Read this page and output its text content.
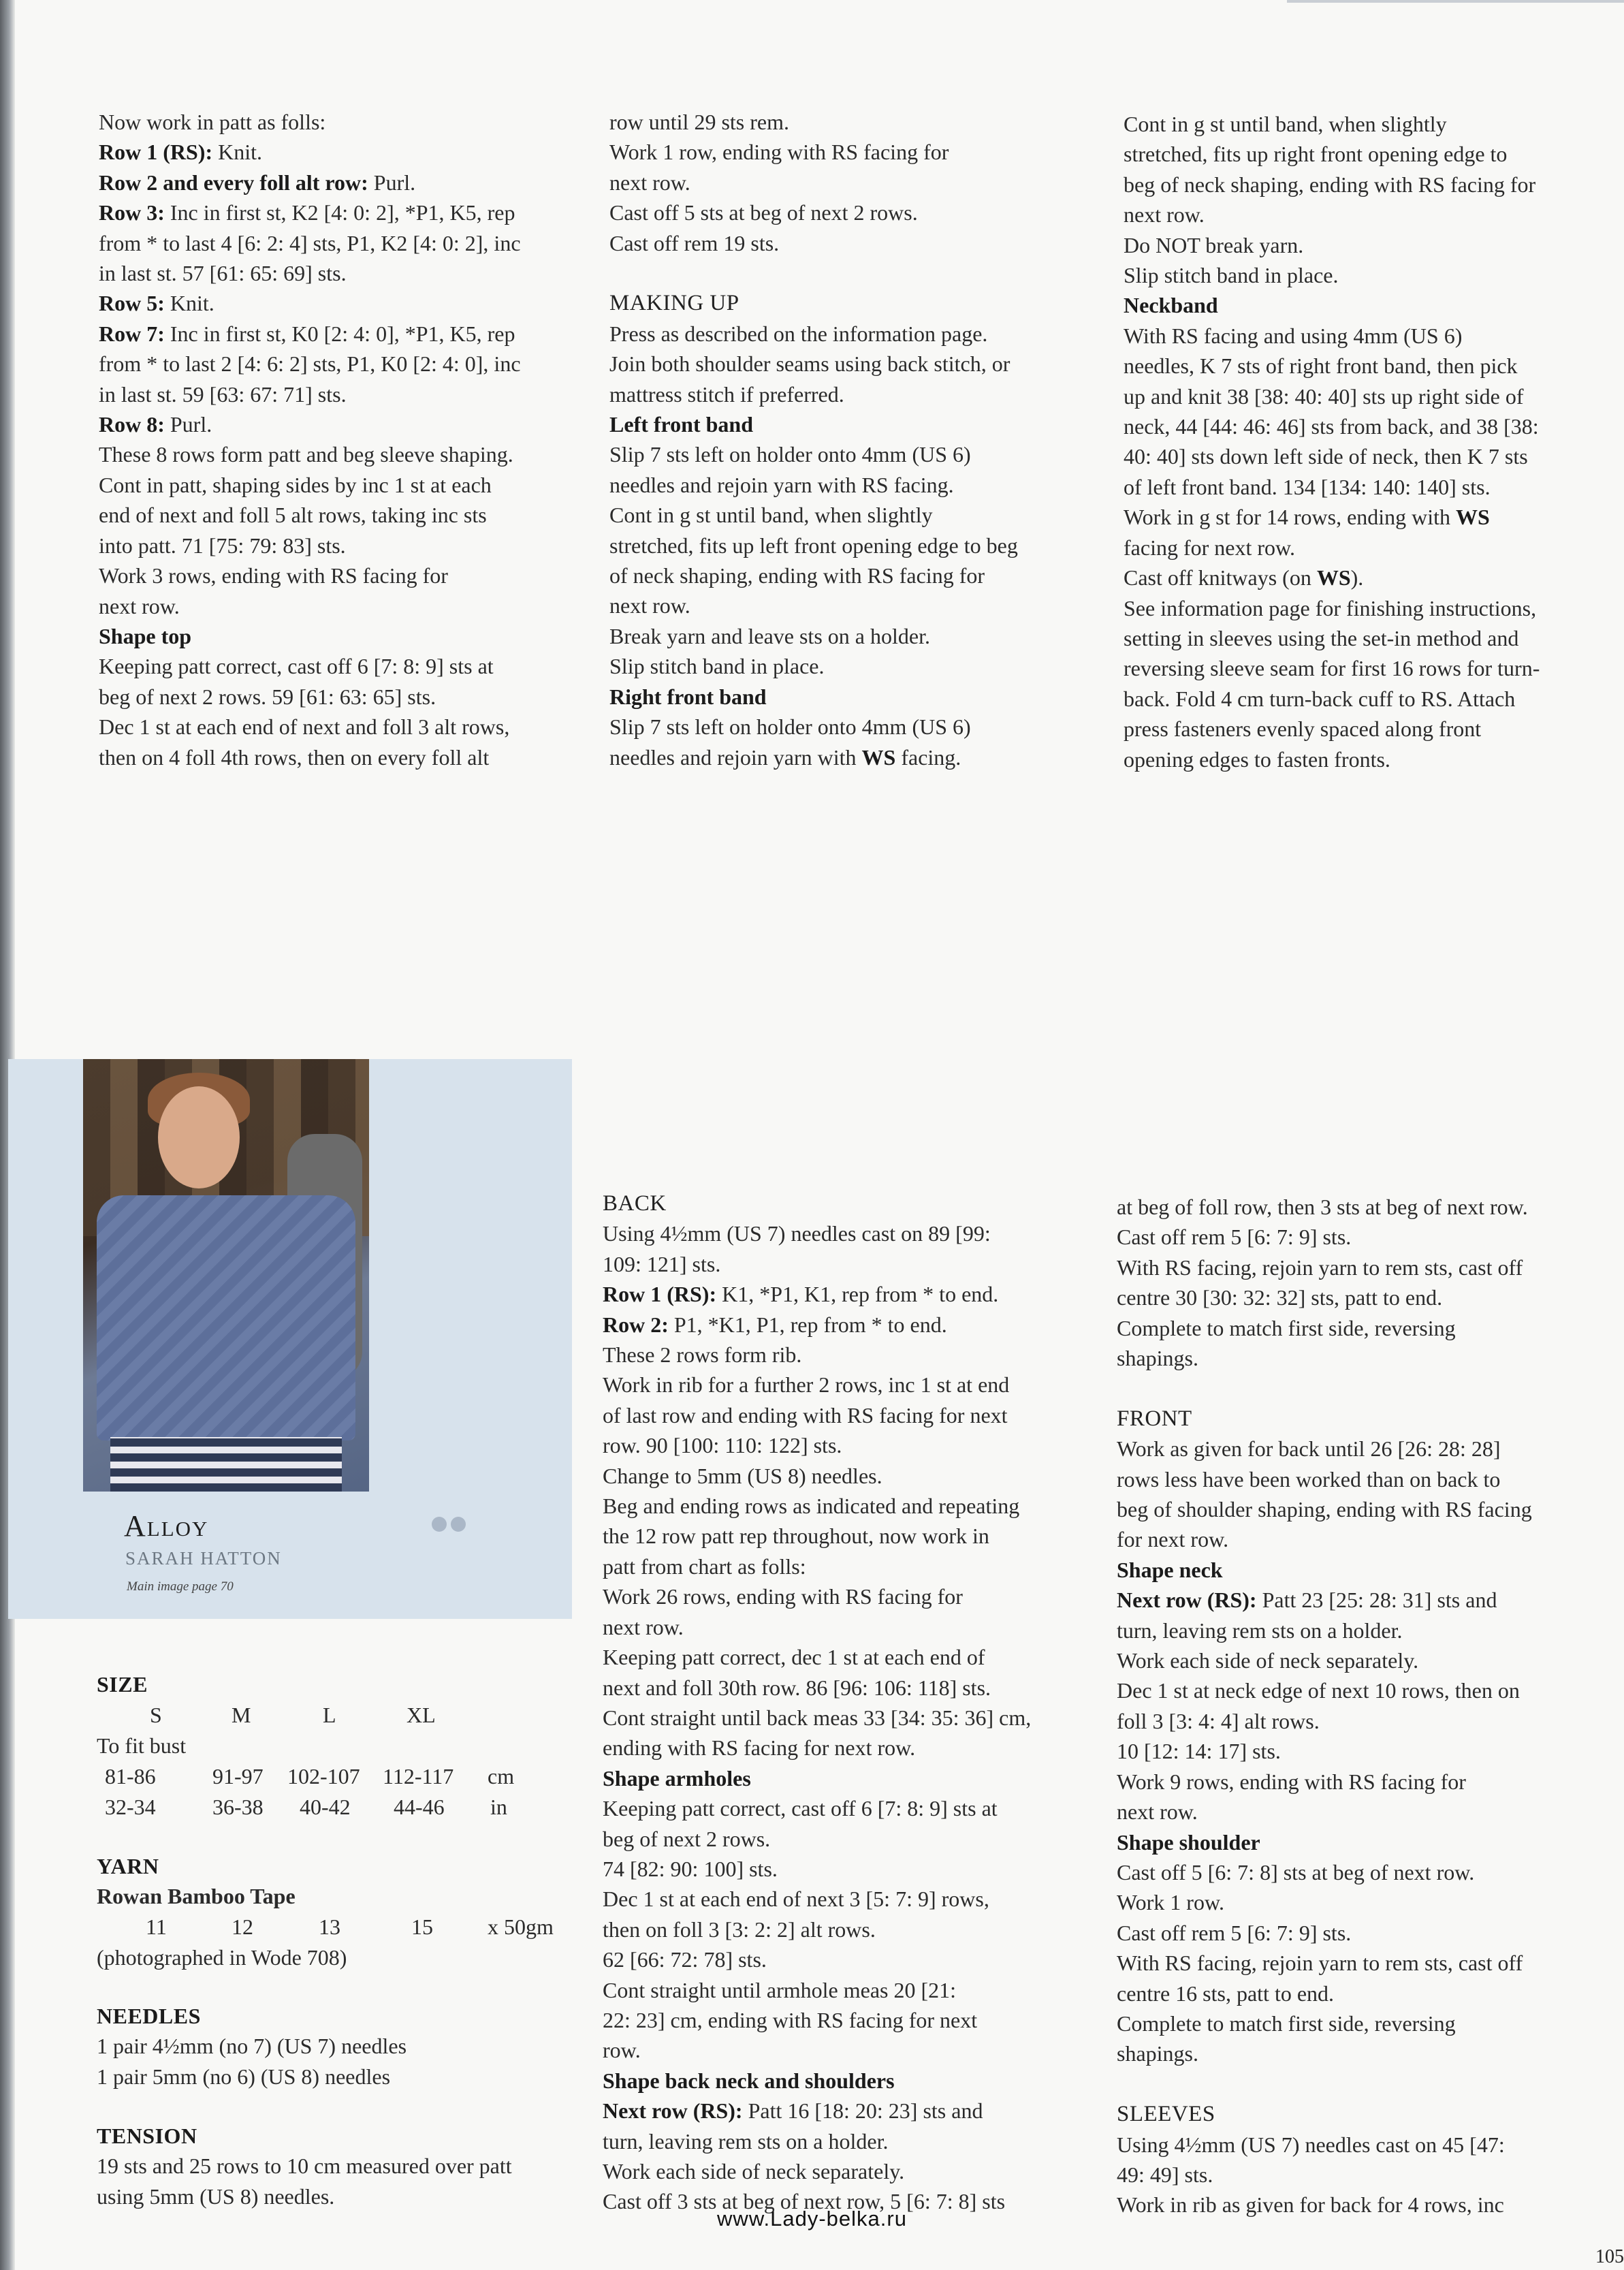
Now work in patt as folls:

Row 1 (RS): Knit.

Row 2 and every foll alt row: Purl.

Row 3: Inc in first st, K2 [4: 0: 2], *P1, K5, rep

from * to last 4 [6: 2: 4] sts, P1, K2 [4: 0: 2], inc

in last st. 57 [61: 65: 69] sts.

Row 5: Knit.

Row 7: Inc in first st, K0 [2: 4: 0], *P1, K5, rep

from * to last 2 [4: 6: 2] sts, P1, K0 [2: 4: 0], inc

in last st. 59 [63: 67: 71] sts.

Row 8: Purl.

These 8 rows form patt and beg sleeve shaping.

Cont in patt, shaping sides by inc 1 st at each

end of next and foll 5 alt rows, taking inc sts

into patt. 71 [75: 79: 83] sts.

Work 3 rows, ending with RS facing for

next row.

Shape top

Keeping patt correct, cast off 6 [7: 8: 9] sts at

beg of next 2 rows. 59 [61: 63: 65] sts.

Dec 1 st at each end of next and foll 3 alt rows,

then on 4 foll 4th rows, then on every foll alt

row until 29 sts rem.

Work 1 row, ending with RS facing for

next row.

Cast off 5 sts at beg of next 2 rows.

Cast off rem 19 sts.

MAKING UP

Press as described on the information page.

Join both shoulder seams using back stitch, or

mattress stitch if preferred.

Left front band

Slip 7 sts left on holder onto 4mm (US 6)

needles and rejoin yarn with RS facing.

Cont in g st until band, when slightly

stretched, fits up left front opening edge to beg

of neck shaping, ending with RS facing for

next row.

Break yarn and leave sts on a holder.

Slip stitch band in place.

Right front band

Slip 7 sts left on holder onto 4mm (US 6)

needles and rejoin yarn with WS facing.

Cont in g st until band, when slightly

stretched, fits up right front opening edge to

beg of neck shaping, ending with RS facing for

next row.

Do NOT break yarn.

Slip stitch band in place.

Neckband

With RS facing and using 4mm (US 6)

needles, K 7 sts of right front band, then pick

up and knit 38 [38: 40: 40] sts up right side of

neck, 44 [44: 46: 46] sts from back, and 38 [38:

40: 40] sts down left side of neck, then K 7 sts

of left front band. 134 [134: 140: 140] sts.

Work in g st for 14 rows, ending with WS

facing for next row.

Cast off knitways (on WS).

See information page for finishing instructions,

setting in sleeves using the set-in method and

reversing sleeve seam for first 16 rows for turn-

back. Fold 4 cm turn-back cuff to RS. Attach

press fasteners evenly spaced along front

opening edges to fasten fronts.

BACK

Using 4½mm (US 7) needles cast on 89 [99:

109: 121] sts.

Row 1 (RS): K1, *P1, K1, rep from * to end.

Row 2: P1, *K1, P1, rep from * to end.

These 2 rows form rib.

Work in rib for a further 2 rows, inc 1 st at end

of last row and ending with RS facing for next

row. 90 [100: 110: 122] sts.

Change to 5mm (US 8) needles.

Beg and ending rows as indicated and repeating

the 12 row patt rep throughout, now work in

patt from chart as folls:

Work 26 rows, ending with RS facing for

next row.

Keeping patt correct, dec 1 st at each end of

next and foll 30th row. 86 [96: 106: 118] sts.

Cont straight until back meas 33 [34: 35: 36] cm,

ending with RS facing for next row.

Shape armholes

Keeping patt correct, cast off 6 [7: 8: 9] sts at

beg of next 2 rows.

74 [82: 90: 100] sts.

Dec 1 st at each end of next 3 [5: 7: 9] rows,

then on foll 3 [3: 2: 2] alt rows.

62 [66: 72: 78] sts.

Cont straight until armhole meas 20 [21:

22: 23] cm, ending with RS facing for next

row.

Shape back neck and shoulders

Next row (RS): Patt 16 [18: 20: 23] sts and

turn, leaving rem sts on a holder.

Work each side of neck separately.

Cast off 3 sts at beg of next row, 5 [6: 7: 8] sts

at beg of foll row, then 3 sts at beg of next row.

Cast off rem 5 [6: 7: 9] sts.

With RS facing, rejoin yarn to rem sts, cast off

centre 30 [30: 32: 32] sts, patt to end.

Complete to match first side, reversing

shapings.

FRONT

Work as given for back until 26 [26: 28: 28]

rows less have been worked than on back to

beg of shoulder shaping, ending with RS facing

for next row.

Shape neck

Next row (RS): Patt 23 [25: 28: 31] sts and

turn, leaving rem sts on a holder.

Work each side of neck separately.

Dec 1 st at neck edge of next 10 rows, then on

foll 3 [3: 4: 4] alt rows.

10 [12: 14: 17] sts.

Work 9 rows, ending with RS facing for

next row.

Shape shoulder

Cast off 5 [6: 7: 8] sts at beg of next row.

Work 1 row.

Cast off rem 5 [6: 7: 9] sts.

With RS facing, rejoin yarn to rem sts, cast off

centre 16 sts, patt to end.

Complete to match first side, reversing

shapings.

SLEEVES

Using 4½mm (US 7) needles cast on 45 [47:

49: 49] sts.

Work in rib as given for back for 4 rows, inc

Alloy
SARAH HATTON
Main image page 70
SIZE
S	M	L	XL
To fit bust
81-86	91-97 102-107 112-117 cm
32-34	36-38 40-42 44-46 in
YARN
Rowan Bamboo Tape
11	12	13	15	x 50gm
(photographed in Wode 708)
NEEDLES
1 pair 4½mm (no 7) (US 7) needles
1 pair 5mm (no 6) (US 8) needles
TENSION
19 sts and 25 rows to 10 cm measured over patt
using 5mm (US 8) needles.
www.Lady-belka.ru
105
